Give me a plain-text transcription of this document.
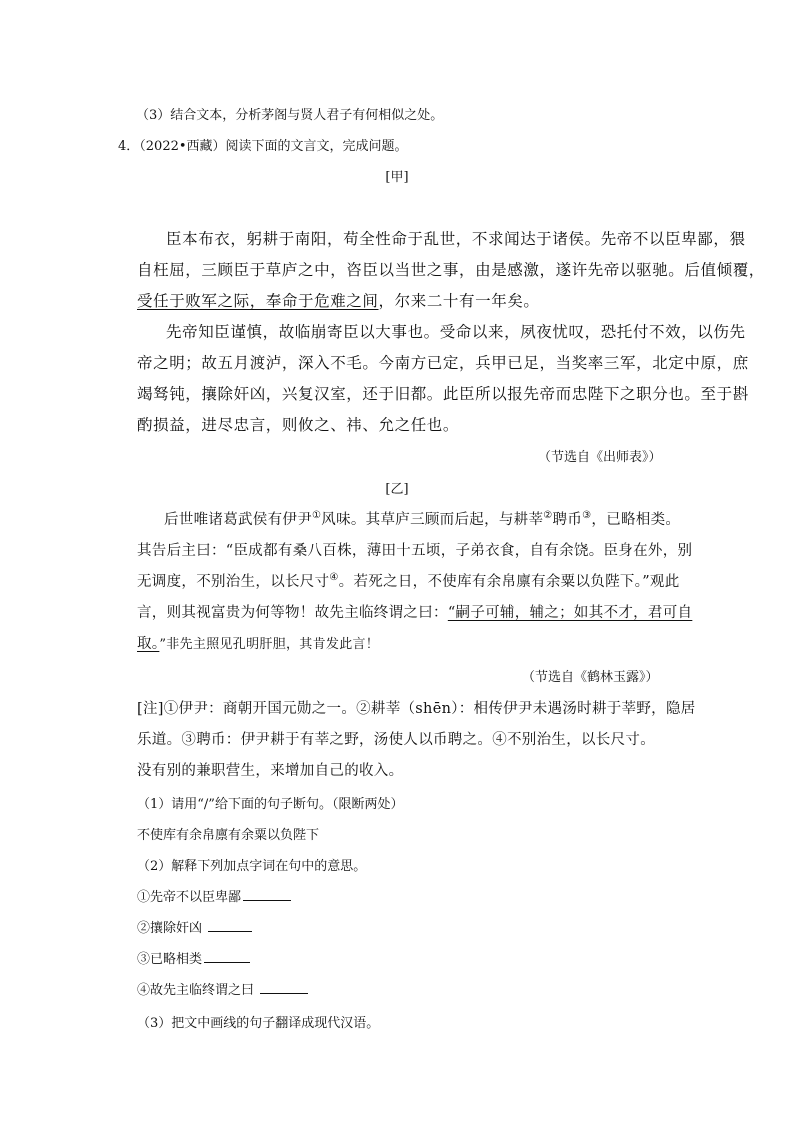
（3）结合文本，分析茅阁与贤人君子有何相似之处。
4．（2022•西藏）阅读下面的文言文，完成问题。
[甲]
臣本布衣，躬耕于南阳，苟全性命于乱世，不求闻达于诸侯。先帝不以臣卑鄙，猥
自枉屈，三顾臣于草庐之中，咨臣以当世之事，由是感激，遂许先帝以驱驰。后值倾覆，
受任于败军之际，奉命于危难之间，尔来二十有一年矣。
先帝知臣谨慎，故临崩寄臣以大事也。受命以来，夙夜忧叹，恐托付不效，以伤先
帝之明；故五月渡泸，深入不毛。今南方已定，兵甲已足，当奖率三军，北定中原，庶
竭驽钝，攘除奸凶，兴复汉室，还于旧都。此臣所以报先帝而忠陛下之职分也。至于斟
酌损益，进尽忠言，则攸之、祎、允之任也。
（节选自《出师表》）
[乙]
后世唯诸葛武侯有伊尹①风味。其草庐三顾而后起，与耕莘②聘币③，已略相类。
其告后主曰：“臣成都有桑八百株，薄田十五顷，子弟衣食，自有余饶。臣身在外，别
无调度，不别治生，以长尺寸④。若死之日，不使库有余帛廪有余粟以负陛下。”观此
言，则其视富贵为何等物！故先主临终谓之曰：“嗣子可辅，辅之；如其不才，君可自
取。”非先主照见孔明肝胆，其肯发此言！
（节选自《鹤林玉露》）
[注]①伊尹：商朝开国元勋之一。②耕莘（shēn）：相传伊尹未遇汤时耕于莘野，隐居
乐道。③聘币：伊尹耕于有莘之野，汤使人以币聘之。④不别治生，以长尺寸。
没有别的兼职营生，来增加自己的收入。
（1）请用“/”给下面的句子断句。（限断两处）
不使库有余帛廪有余粟以负陛下
（2）解释下列加点字词在句中的意思。
①先帝不以臣卑鄙
②攘除奸凶
③已略相类
④故先主临终谓之曰
（3）把文中画线的句子翻译成现代汉语。
